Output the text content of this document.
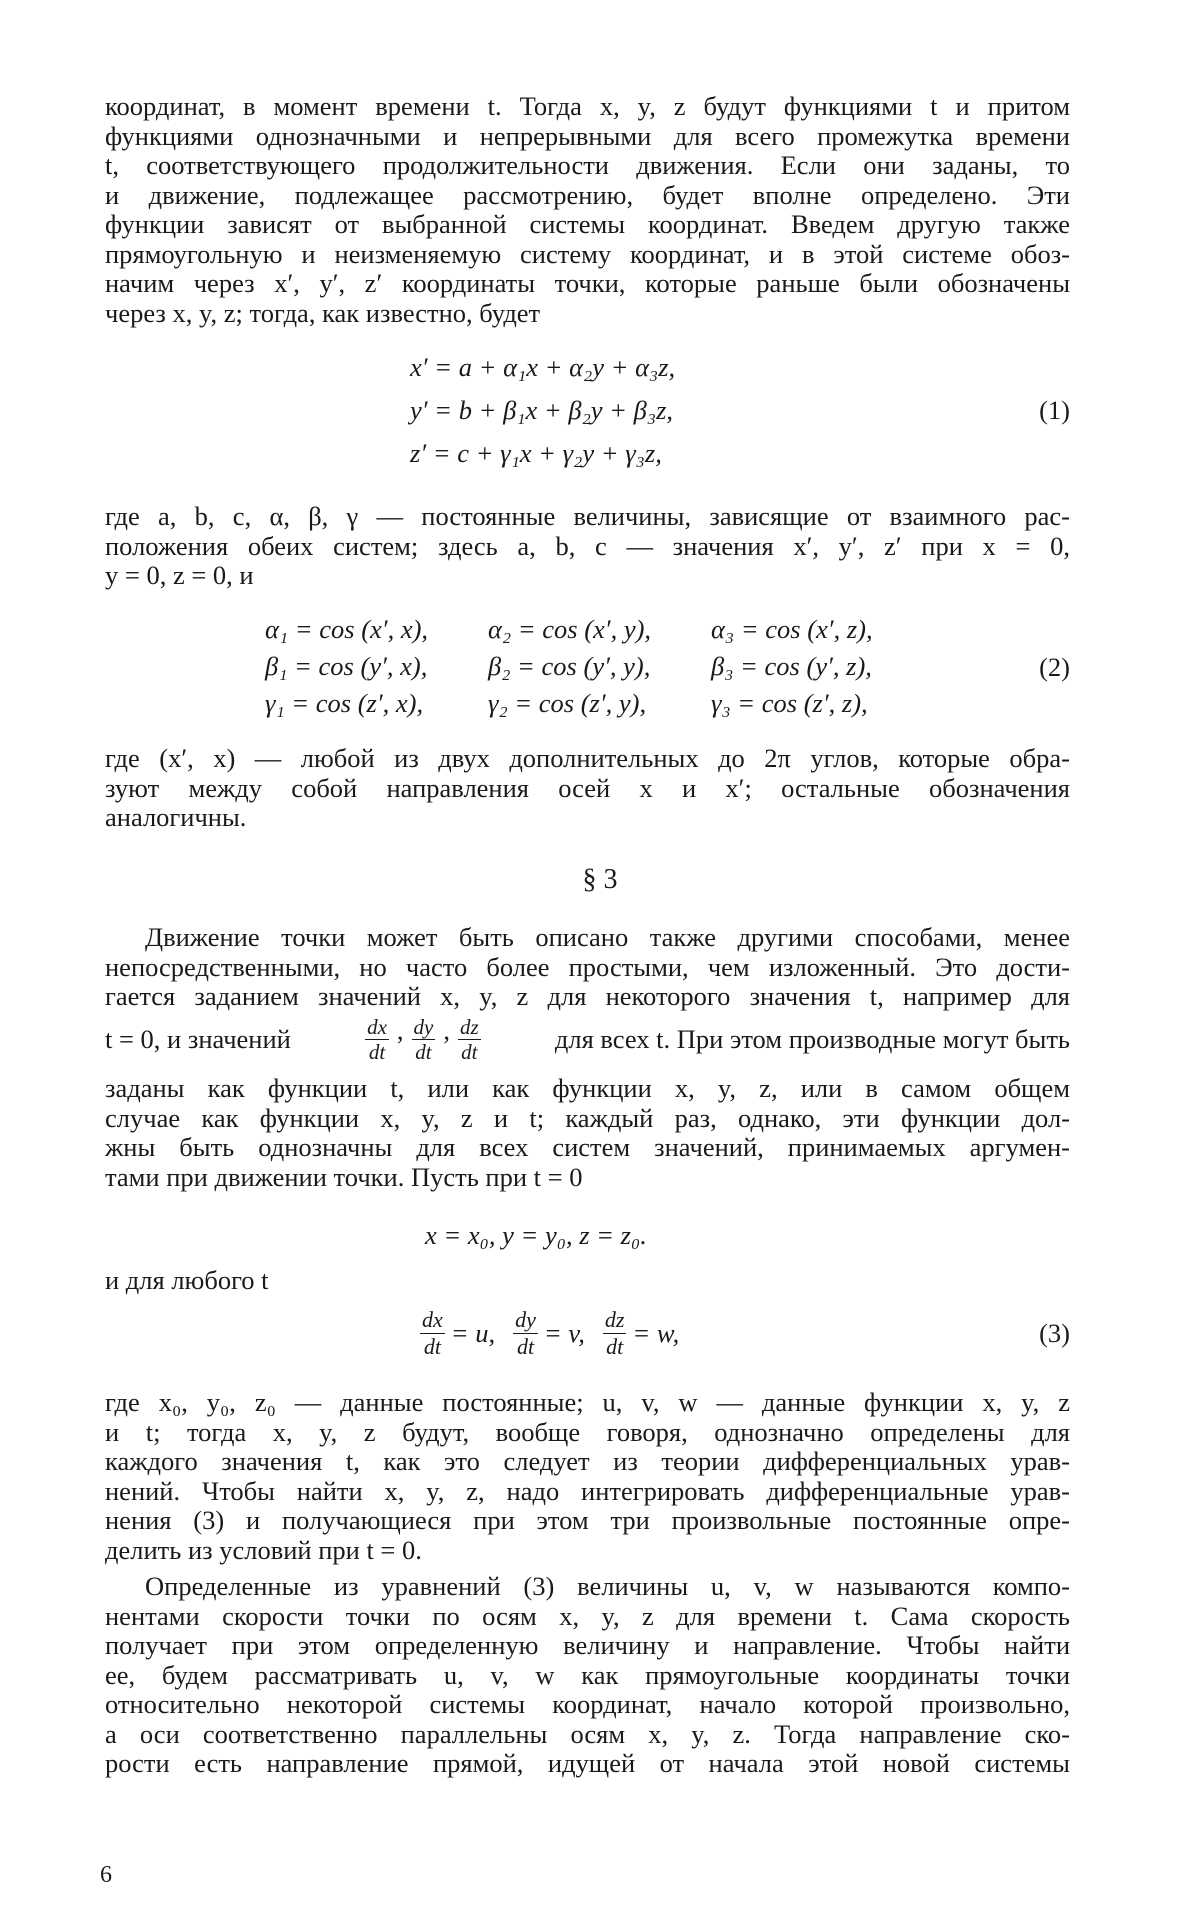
координат, в момент времени t. Тогда x, y, z будут функциями t и притом
функциями однозначными и непрерывными для всего промежутка времени
t, соответствующего продолжительности движения. Если они заданы, то
и движение, подлежащее рассмотрению, будет вполне определено. Эти
функции зависят от выбранной системы координат. Введем другую также
прямоугольную и неизменяемую систему координат, и в этой системе обоз-
начим через x′, y′, z′ координаты точки, которые раньше были обозначены
через x, y, z; тогда, как известно, будет
x′ = a + α₁x + α₂y + α₃z,
y′ = b + β₁x + β₂y + β₃z,
z′ = c + γ₁x + γ₂y + γ₃z,
(1)
где a, b, c, α, β, γ — постоянные величины, зависящие от взаимного рас-
положения обеих систем; здесь a, b, c — значения x′, y′, z′ при x = 0,
y = 0, z = 0, и
α₁ = cos (x′, x),	α₂ = cos (x′, y),	α₃ = cos (x′, z),
β₁ = cos (y′, x),	β₂ = cos (y′, y),	β₃ = cos (y′, z),
γ₁ = cos (z′, x),	γ₂ = cos (z′, y),	γ₃ = cos (z′, z),
(2)
где (x′, x) — любой из двух дополнительных до 2π углов, которые обра-
зуют между собой направления осей x и x′; остальные обозначения
аналогичны.
§ 3
Движение точки может быть описано также другими способами, менее
непосредственными, но часто более простыми, чем изложенный. Это дости-
гается заданием значений x, y, z для некоторого значения t, например для
t = 0, и значений	$\frac{dx}{dt}$ , $\frac{dy}{dt}$ , $\frac{dz}{dt}$	для всех t. При этом производные могут быть
заданы как функции t, или как функции x, y, z, или в самом общем
случае как функции x, y, z и t; каждый раз, однако, эти функции дол-
жны быть однозначны для всех систем значений, принимаемых аргумен-
тами при движении точки. Пусть при t = 0
x = x₀, y = y₀, z = z₀.
и для любого t
$\frac{dx}{dt} = u$, $\frac{dy}{dt} = v$, $\frac{dz}{dt} = w$,	(3)
где x₀, y₀, z₀ — данные постоянные; u, v, w — данные функции x, y, z
и t; тогда x, y, z будут, вообще говоря, однозначно определены для
каждого значения t, как это следует из теории дифференциальных урав-
нений. Чтобы найти x, y, z, надо интегрировать дифференциальные урав-
нения (3) и получающиеся при этом три произвольные постоянные опре-
делить из условий при t = 0.
Определенные из уравнений (3) величины u, v, w называются компо-
нентами скорости точки по осям x, y, z для времени t. Сама скорость
получает при этом определенную величину и направление. Чтобы найти
ее, будем рассматривать u, v, w как прямоугольные координаты точки
относительно некоторой системы координат, начало которой произвольно,
а оси соответственно параллельны осям x, y, z. Тогда направление ско-
рости есть направление прямой, идущей от начала этой новой системы
6
